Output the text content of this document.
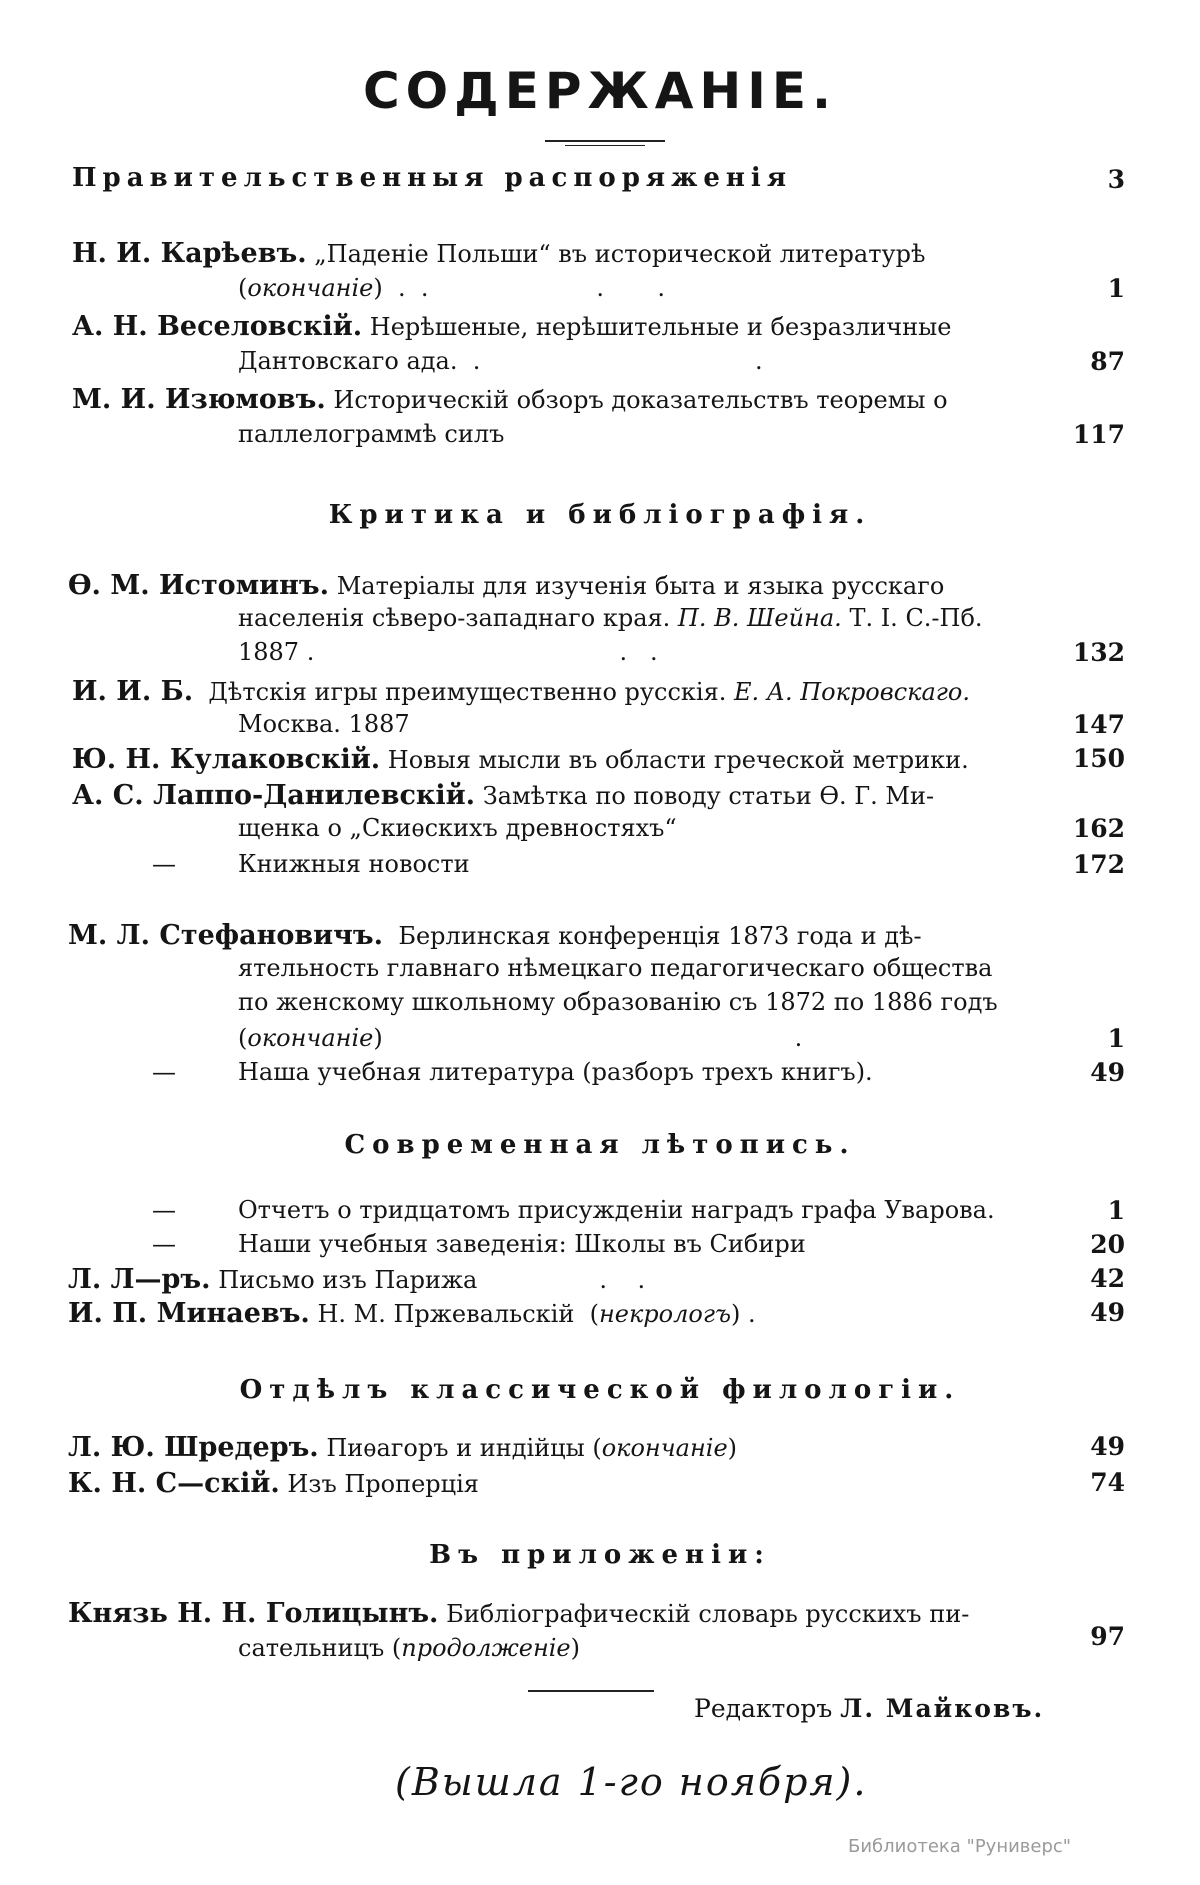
СОДЕРЖАНІЕ.
Правительственныя распоряженія	3
Н. И. Карѣевъ. „Паденіе Польши“ въ исторической литературѣ
(окончаніе)  .  .                      .       .	1
А. Н. Веселовскій. Нерѣшеные, нерѣшительные и безразличные
Дантовскаго ада.  .                                    .	87
М. И. Изюмовъ. Историческій обзоръ доказательствъ теоремы о
паллелограммѣ силъ	117
Критика и библіографія.
Ө. М. Истоминъ. Матеріалы для изученія быта и языка русскаго
населенія сѣверо-западнаго края. П. В. Шейна. Т. I. С.-Пб.
1887 .                                        .   .	132
И. И. Б. Дѣтскія игры преимущественно русскія. Е. А. Покровскаго.
Москва. 1887	147
Ю. Н. Кулаковскій. Новыя мысли въ области греческой метрики.	150
А. С. Лаппо-Данилевскій. Замѣтка по поводу статьи Ө. Г. Ми-
щенка о „Скиѳскихъ древностяхъ“	162
—	Книжныя новости	172
М. Л. Стефановичъ. Берлинская конференція 1873 года и дѣ-
ятельность главнаго нѣмецкаго педагогическаго общества
по женскому школьному образованію съ 1872 по 1886 годъ
(окончаніе)                                                      .	1
—	Наша учебная литература (разборъ трехъ книгъ).	49
Современная лѣтопись.
—	Отчетъ о тридцатомъ присужденіи наградъ графа Уварова.	1
—	Наши учебныя заведенія: Школы въ Сибири	20
Л. Л—ръ. Письмо изъ Парижа                .    .	42
И. П. Минаевъ. Н. М. Пржевальскій  (некрологъ) .	49
Отдѣлъ классической филологіи.
Л. Ю. Шредеръ. Пиѳагоръ и индійцы (окончаніе)	49
К. Н. С—скій. Изъ Проперція	74
Въ приложеніи:
Князь Н. Н. Голицынъ. Библіографическій словарь русскихъ пи-
сательницъ (продолженіе)	97
Редакторъ Л. Майковъ.
(Вышла 1-го ноября).
Библиотека "Руниверс"
